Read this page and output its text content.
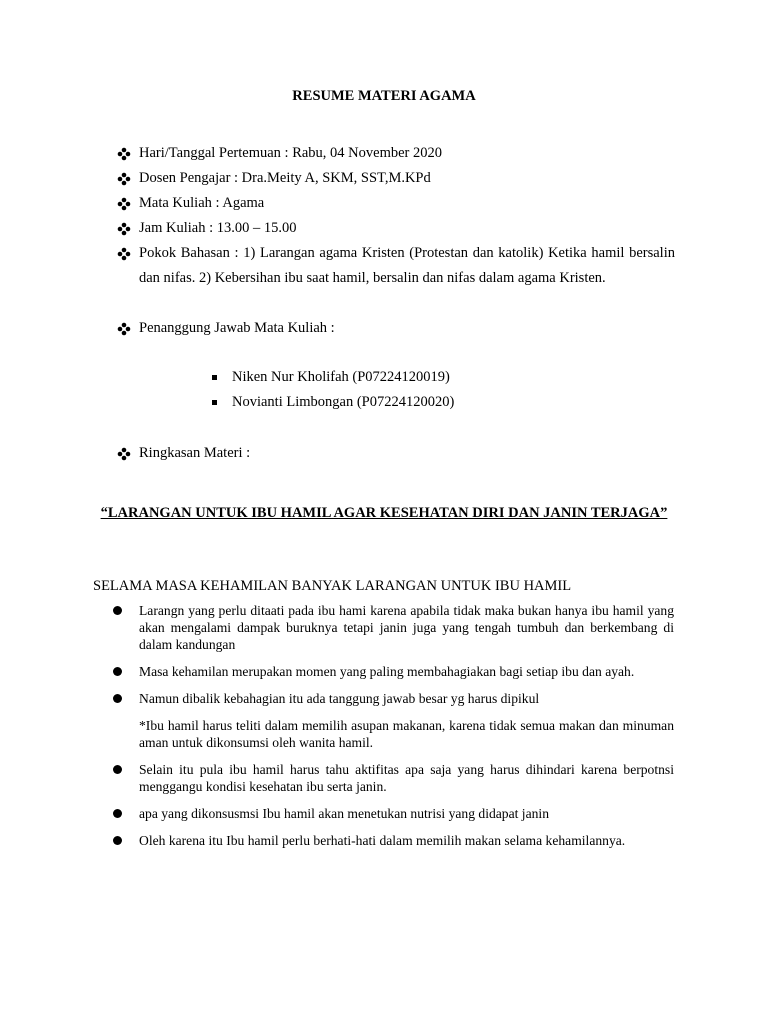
RESUME MATERI AGAMA
Hari/Tanggal Pertemuan : Rabu, 04 November 2020
Dosen Pengajar : Dra.Meity A, SKM, SST,M.KPd
Mata Kuliah : Agama
Jam Kuliah : 13.00 – 15.00
Pokok Bahasan : 1) Larangan agama Kristen (Protestan dan katolik) Ketika hamil bersalin dan nifas. 2) Kebersihan ibu saat hamil, bersalin dan nifas dalam agama Kristen.
Penanggung Jawab Mata Kuliah :
Niken Nur Kholifah (P07224120019)
Novianti Limbongan (P07224120020)
Ringkasan Materi :
“LARANGAN UNTUK IBU HAMIL AGAR KESEHATAN DIRI DAN JANIN TERJAGA”
SELAMA MASA KEHAMILAN BANYAK LARANGAN UNTUK IBU HAMIL
Larangn yang perlu ditaati pada ibu hami karena apabila tidak maka bukan hanya ibu hamil yang akan mengalami dampak buruknya tetapi janin juga yang tengah tumbuh dan berkembang di dalam kandungan
Masa kehamilan merupakan momen yang paling membahagiakan bagi setiap ibu dan ayah.
Namun dibalik kebahagian itu ada tanggung jawab besar yg harus dipikul
*Ibu hamil harus teliti dalam memilih asupan makanan, karena tidak semua makan dan minuman aman untuk dikonsumsi oleh wanita hamil.
Selain itu pula ibu hamil harus tahu aktifitas apa saja yang harus dihindari karena berpotnsi menggangu kondisi kesehatan ibu serta janin.
apa yang dikonsusmsi Ibu hamil akan menetukan nutrisi yang didapat janin
Oleh karena itu Ibu hamil perlu berhati-hati dalam memilih makan selama kehamilannya.
